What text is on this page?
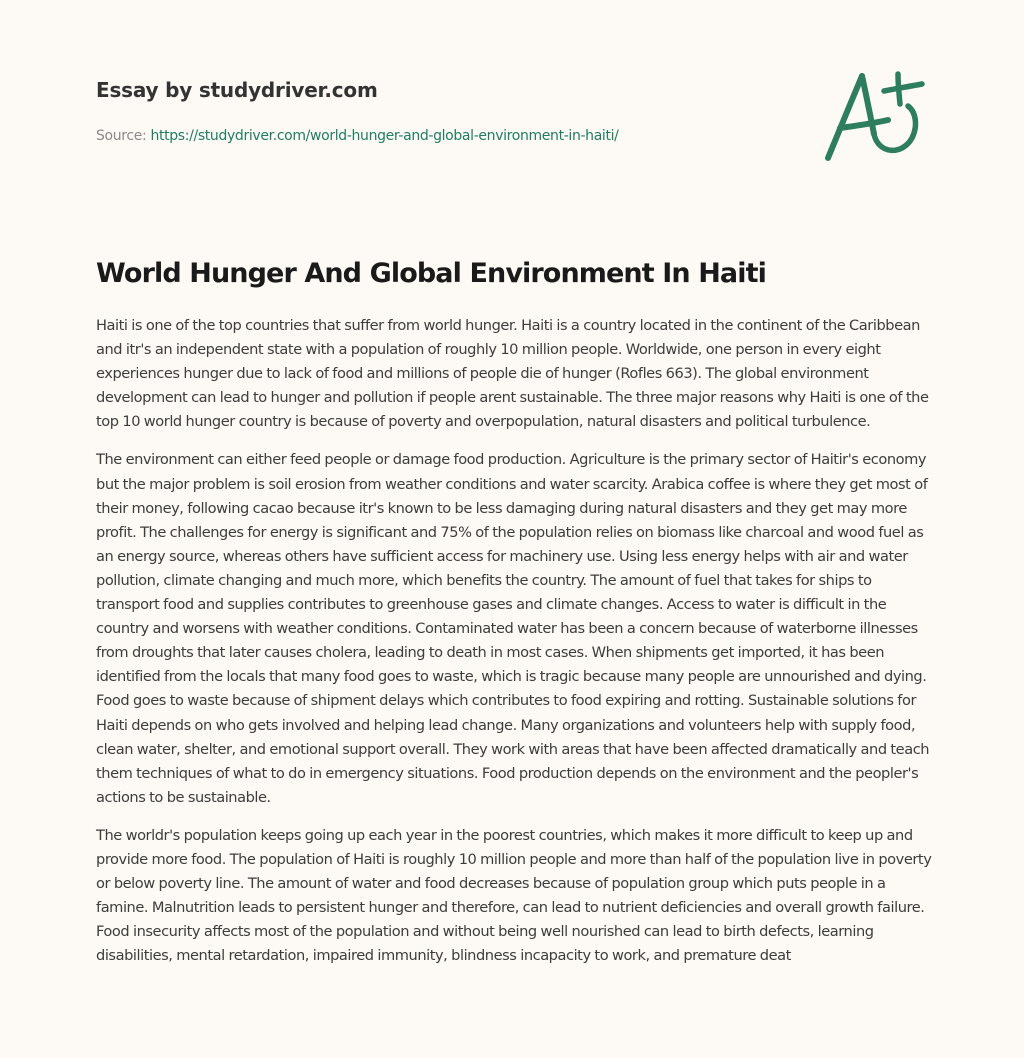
Essay by studydriver.com
Source: https://studydriver.com/world-hunger-and-global-environment-in-haiti/
World Hunger And Global Environment In Haiti

Haiti is one of the top countries that suffer from world hunger. Haiti is a country located in the continent of the Caribbean and itr's an independent state with a population of roughly 10 million people. Worldwide, one person in every eight experiences hunger due to lack of food and millions of people die of hunger (Rofles 663). The global environment development can lead to hunger and pollution if people arent sustainable. The three major reasons why Haiti is one of the top 10 world hunger country is because of poverty and overpopulation, natural disasters and political turbulence.

The environment can either feed people or damage food production. Agriculture is the primary sector of Haitir's economy but the major problem is soil erosion from weather conditions and water scarcity. Arabica coffee is where they get most of their money, following cacao because itr's known to be less damaging during natural disasters and they get may more profit. The challenges for energy is significant and 75% of the population relies on biomass like charcoal and wood fuel as an energy source, whereas others have sufficient access for machinery use. Using less energy helps with air and water pollution, climate changing and much more, which benefits the country. The amount of fuel that takes for ships to transport food and supplies contributes to greenhouse gases and climate changes. Access to water is difficult in the country and worsens with weather conditions. Contaminated water has been a concern because of waterborne illnesses from droughts that later causes cholera, leading to death in most cases. When shipments get imported, it has been identified from the locals that many food goes to waste, which is tragic because many people are unnourished and dying. Food goes to waste because of shipment delays which contributes to food expiring and rotting. Sustainable solutions for Haiti depends on who gets involved and helping lead change. Many organizations and volunteers help with supply food, clean water, shelter, and emotional support overall. They work with areas that have been affected dramatically and teach them techniques of what to do in emergency situations. Food production depends on the environment and the peopler's actions to be sustainable.

The worldr's population keeps going up each year in the poorest countries, which makes it more difficult to keep up and provide more food. The population of Haiti is roughly 10 million people and more than half of the population live in poverty or below poverty line. The amount of water and food decreases because of population group which puts people in a famine. Malnutrition leads to persistent hunger and therefore, can lead to nutrient deficiencies and overall growth failure. Food insecurity affects most of the population and without being well nourished can lead to birth defects, learning disabilities, mental retardation, impaired immunity, blindness incapacity to work, and premature deat
